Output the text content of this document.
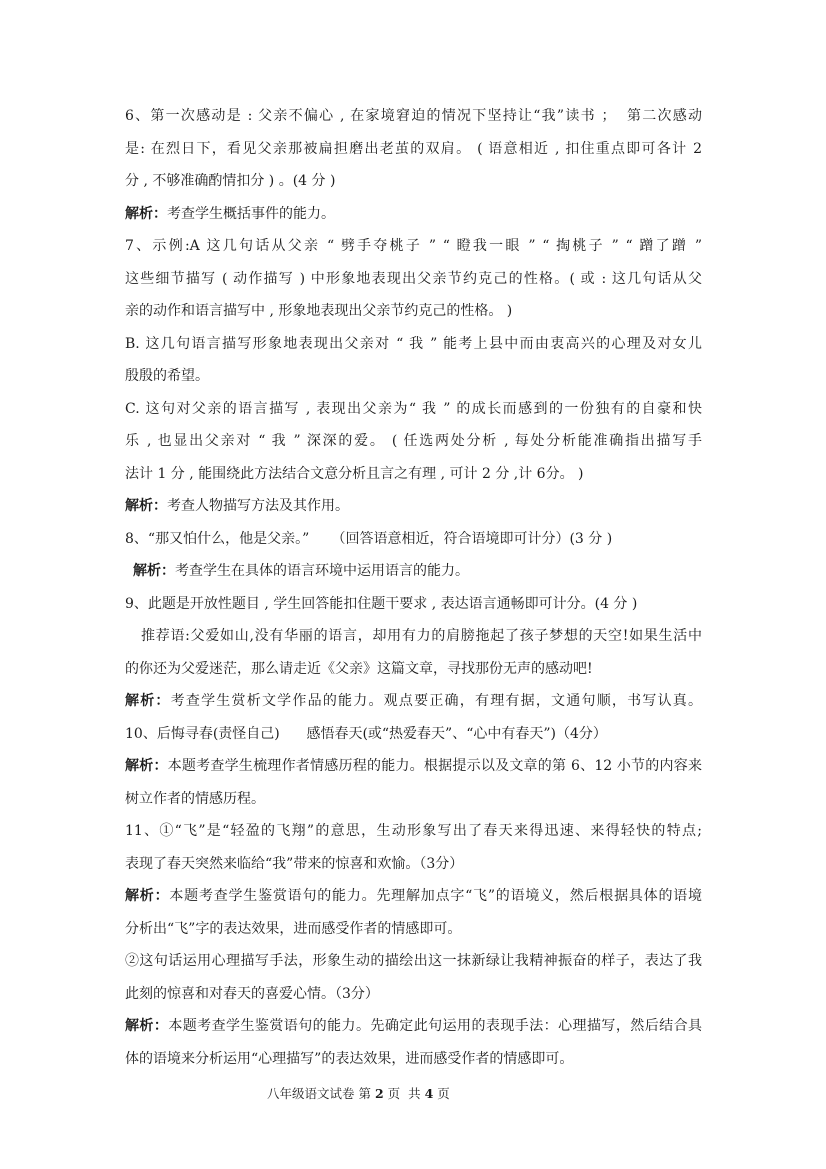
6、第一次感动是 : 父亲不偏心 , 在家境窘迫的情况下坚持让“我”读书 ；  第二次感动
是: 在烈日下，看见父亲那被扁担磨出老茧的双肩。 ( 语意相近 , 扣住重点即可各计 2
分 , 不够准确酌情扣分 ) 。(4 分 )
解析：考查学生概括事件的能力。
7、示例:A 这几句话从父亲 “ 劈手夺桃子 ” “ 瞪我一眼 ” “ 掏桃子 ” “ 蹭了蹭 ”
这些细节描写 ( 动作描写 ) 中形象地表现出父亲节约克己的性格。( 或 : 这几句话从父
亲的动作和语言描写中 , 形象地表现出父亲节约克己的性格。 )
B. 这几句语言描写形象地表现出父亲对 “ 我 ” 能考上县中而由衷高兴的心理及对女儿
殷殷的希望。
C. 这句对父亲的语言描写 , 表现出父亲为“ 我 ” 的成长而感到的一份独有的自豪和快
乐 , 也显出父亲对 “ 我 ” 深深的爱。 ( 任选两处分析 , 每处分析能准确指出描写手
法计 1 分 , 能围绕此方法结合文意分析且言之有理 , 可计 2 分 ,计 6分。 )
解析：考查人物描写方法及其作用。
8、“那又怕什么，他是父亲。”     （回答语意相近，符合语境即可计分）(3 分 )
解析：考查学生在具体的语言环境中运用语言的能力。
9、此题是开放性题目 , 学生回答能扣住题干要求 , 表达语言通畅即可计分。(4 分 )
推荐语:父爱如山,没有华丽的语言，却用有力的肩膀拖起了孩子梦想的天空!如果生活中
的你还为父爱迷茫，那么请走近《父亲》这篇文章，寻找那份无声的感动吧!
解析：考查学生赏析文学作品的能力。观点要正确，有理有据，文通句顺，书写认真。
10、后悔寻春(责怪自己)      感悟春天(或“热爱春天”、“心中有春天”)（4分）
解析：本题考查学生梳理作者情感历程的能力。根据提示以及文章的第 6、12 小节的内容来
树立作者的情感历程。
11、①“飞”是“轻盈的飞翔”的意思，生动形象写出了春天来得迅速、来得轻快的特点;
表现了春天突然来临给“我”带来的惊喜和欢愉。（3分）
解析：本题考查学生鉴赏语句的能力。先理解加点字“飞”的语境义，然后根据具体的语境
分析出“飞”字的表达效果，进而感受作者的情感即可。
②这句话运用心理描写手法，形象生动的描绘出这一抹新绿让我精神振奋的样子，表达了我
此刻的惊喜和对春天的喜爱心情。（3分）
解析：本题考查学生鉴赏语句的能力。先确定此句运用的表现手法：心理描写，然后结合具
体的语境来分析运用“心理描写”的表达效果，进而感受作者的情感即可。
八年级语文试卷 第 2 页  共 4 页
